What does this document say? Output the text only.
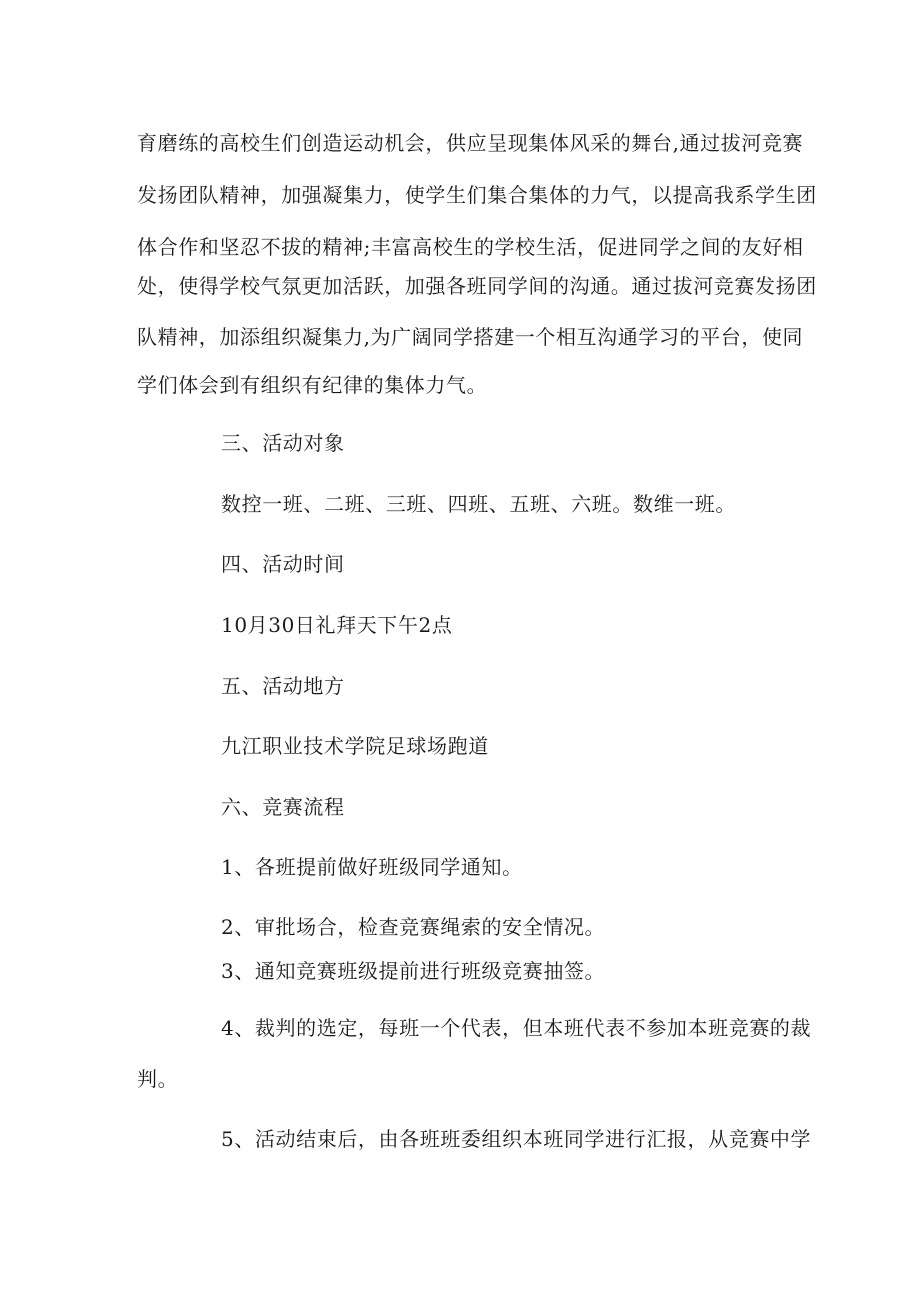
育磨练的高校生们创造运动机会，供应呈现集体风采的舞台,通过拔河竞赛
发扬团队精神，加强凝集力，使学生们集合集体的力气，以提高我系学生团
体合作和坚忍不拔的精神;丰富高校生的学校生活，促进同学之间的友好相
处，使得学校气氛更加活跃，加强各班同学间的沟通。通过拔河竞赛发扬团
队精神，加添组织凝集力,为广阔同学搭建一个相互沟通学习的平台，使同
学们体会到有组织有纪律的集体力气。
三、活动对象
数控一班、二班、三班、四班、五班、六班。数维一班。
四、活动时间
10月30日礼拜天下午2点
五、活动地方
九江职业技术学院足球场跑道
六、竞赛流程
1、各班提前做好班级同学通知。
2、审批场合，检查竞赛绳索的安全情况。
3、通知竞赛班级提前进行班级竞赛抽签。
4、裁判的选定，每班一个代表，但本班代表不参加本班竞赛的裁
判。
5、活动结束后，由各班班委组织本班同学进行汇报，从竞赛中学
